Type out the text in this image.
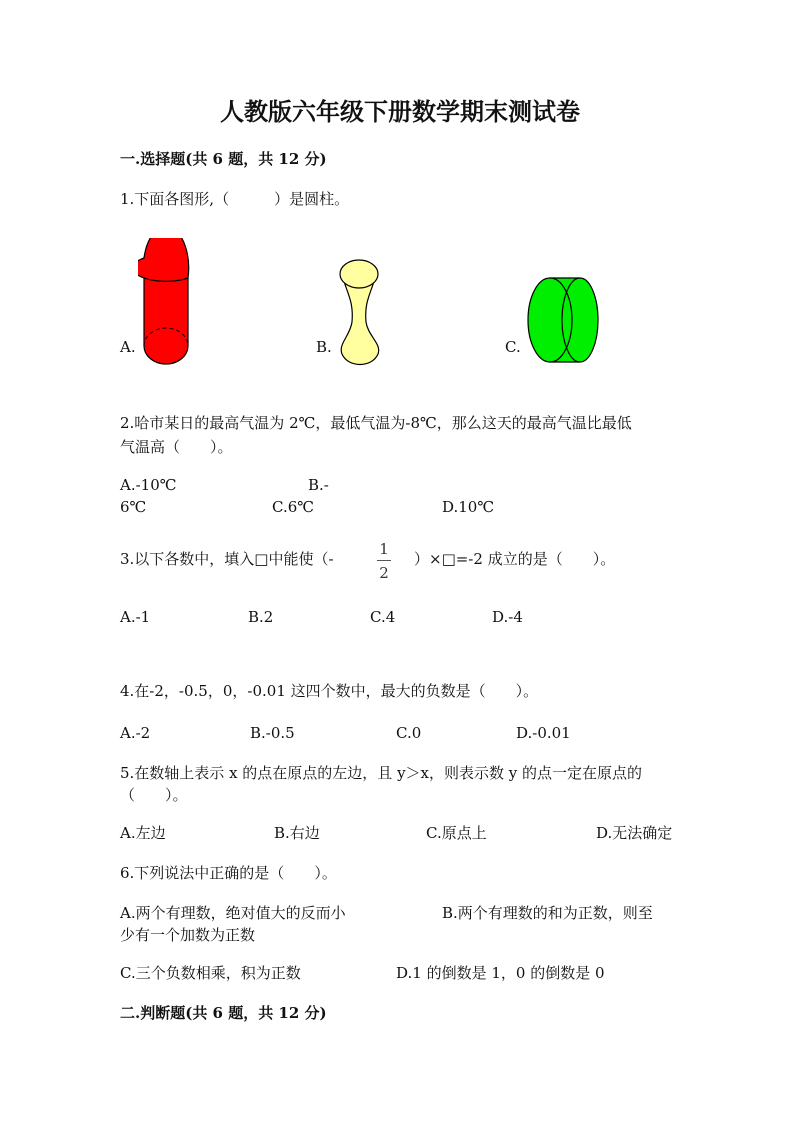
人教版六年级下册数学期末测试卷
一.选择题(共 6 题，共 12 分)
1.下面各图形,（　　　）是圆柱。
A.	B.	C.
2.哈市某日的最高气温为 2℃，最低气温为-8℃，那么这天的最高气温比最低
气温高（　　）。
A.-10℃	B.-
6℃	C.6℃	D.10℃
3.以下各数中，填入□中能使（-
1
2
）×□=-2 成立的是（　　）。
A.-1	B.2	C.4	D.-4
4.在-2，-0.5，0，-0.01 这四个数中，最大的负数是（　　）。
A.-2	B.-0.5	C.0	D.-0.01
5.在数轴上表示 x 的点在原点的左边，且 y＞x，则表示数 y 的点一定在原点的
（　　）。
A.左边	B.右边	C.原点上	D.无法确定
6.下列说法中正确的是（　　）。
A.两个有理数，绝对值大的反而小	B.两个有理数的和为正数，则至
少有一个加数为正数
C.三个负数相乘，积为正数	D.1 的倒数是 1，0 的倒数是 0
二.判断题(共 6 题，共 12 分)
